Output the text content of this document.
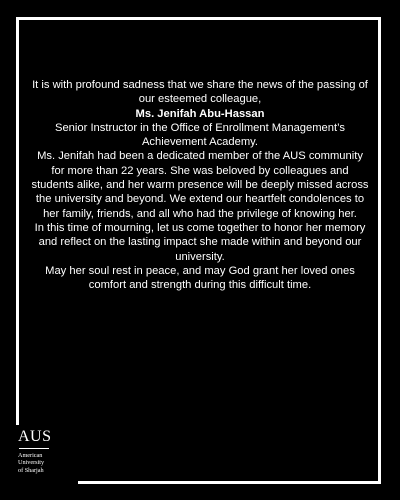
It is with profound sadness that we share the news of the passing of our esteemed colleague,

Ms. Jenifah Abu-Hassan

Senior Instructor in the Office of Enrollment Management’s Achievement Academy.

Ms. Jenifah had been a dedicated member of the AUS community for more than 22 years. She was beloved by colleagues and students alike, and her warm presence will be deeply missed across the university and beyond. We extend our heartfelt condolences to her family, friends, and all who had the privilege of knowing her.

In this time of mourning, let us come together to honor her memory and reflect on the lasting impact she made within and beyond our university.

May her soul rest in peace, and may God grant her loved ones comfort and strength during this difficult time.

AUS
American
University
of Sharjah
